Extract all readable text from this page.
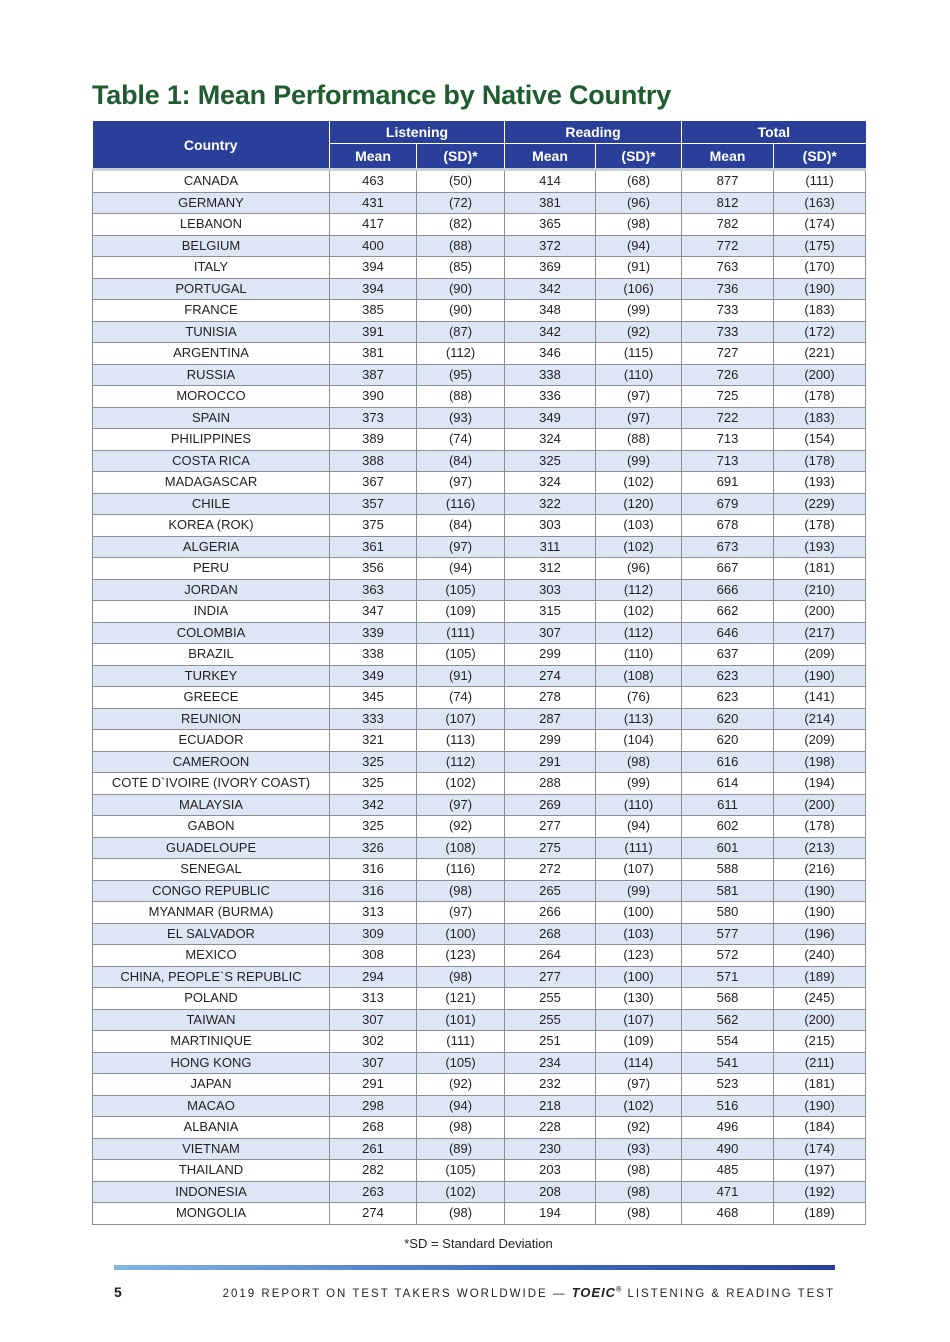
Table 1: Mean Performance by Native Country
Country	Listening		Reading		Total	
	Mean	(SD)*	Mean	(SD)*	Mean	(SD)*
CANADA	463	(50)	414	(68)	877	(111)
GERMANY	431	(72)	381	(96)	812	(163)
LEBANON	417	(82)	365	(98)	782	(174)
BELGIUM	400	(88)	372	(94)	772	(175)
ITALY	394	(85)	369	(91)	763	(170)
PORTUGAL	394	(90)	342	(106)	736	(190)
FRANCE	385	(90)	348	(99)	733	(183)
TUNISIA	391	(87)	342	(92)	733	(172)
ARGENTINA	381	(112)	346	(115)	727	(221)
RUSSIA	387	(95)	338	(110)	726	(200)
MOROCCO	390	(88)	336	(97)	725	(178)
SPAIN	373	(93)	349	(97)	722	(183)
PHILIPPINES	389	(74)	324	(88)	713	(154)
COSTA RICA	388	(84)	325	(99)	713	(178)
MADAGASCAR	367	(97)	324	(102)	691	(193)
CHILE	357	(116)	322	(120)	679	(229)
KOREA (ROK)	375	(84)	303	(103)	678	(178)
ALGERIA	361	(97)	311	(102)	673	(193)
PERU	356	(94)	312	(96)	667	(181)
JORDAN	363	(105)	303	(112)	666	(210)
INDIA	347	(109)	315	(102)	662	(200)
COLOMBIA	339	(111)	307	(112)	646	(217)
BRAZIL	338	(105)	299	(110)	637	(209)
TURKEY	349	(91)	274	(108)	623	(190)
GREECE	345	(74)	278	(76)	623	(141)
REUNION	333	(107)	287	(113)	620	(214)
ECUADOR	321	(113)	299	(104)	620	(209)
CAMEROON	325	(112)	291	(98)	616	(198)
COTE D`IVOIRE (IVORY COAST)	325	(102)	288	(99)	614	(194)
MALAYSIA	342	(97)	269	(110)	611	(200)
GABON	325	(92)	277	(94)	602	(178)
GUADELOUPE	326	(108)	275	(111)	601	(213)
SENEGAL	316	(116)	272	(107)	588	(216)
CONGO REPUBLIC	316	(98)	265	(99)	581	(190)
MYANMAR (BURMA)	313	(97)	266	(100)	580	(190)
EL SALVADOR	309	(100)	268	(103)	577	(196)
MEXICO	308	(123)	264	(123)	572	(240)
CHINA, PEOPLE`S REPUBLIC	294	(98)	277	(100)	571	(189)
POLAND	313	(121)	255	(130)	568	(245)
TAIWAN	307	(101)	255	(107)	562	(200)
MARTINIQUE	302	(111)	251	(109)	554	(215)
HONG KONG	307	(105)	234	(114)	541	(211)
JAPAN	291	(92)	232	(97)	523	(181)
MACAO	298	(94)	218	(102)	516	(190)
ALBANIA	268	(98)	228	(92)	496	(184)
VIETNAM	261	(89)	230	(93)	490	(174)
THAILAND	282	(105)	203	(98)	485	(197)
INDONESIA	263	(102)	208	(98)	471	(192)
MONGOLIA	274	(98)	194	(98)	468	(189)
*SD = Standard Deviation
5	2019 REPORT ON TEST TAKERS WORLDWIDE — TOEIC® LISTENING & READING TEST
